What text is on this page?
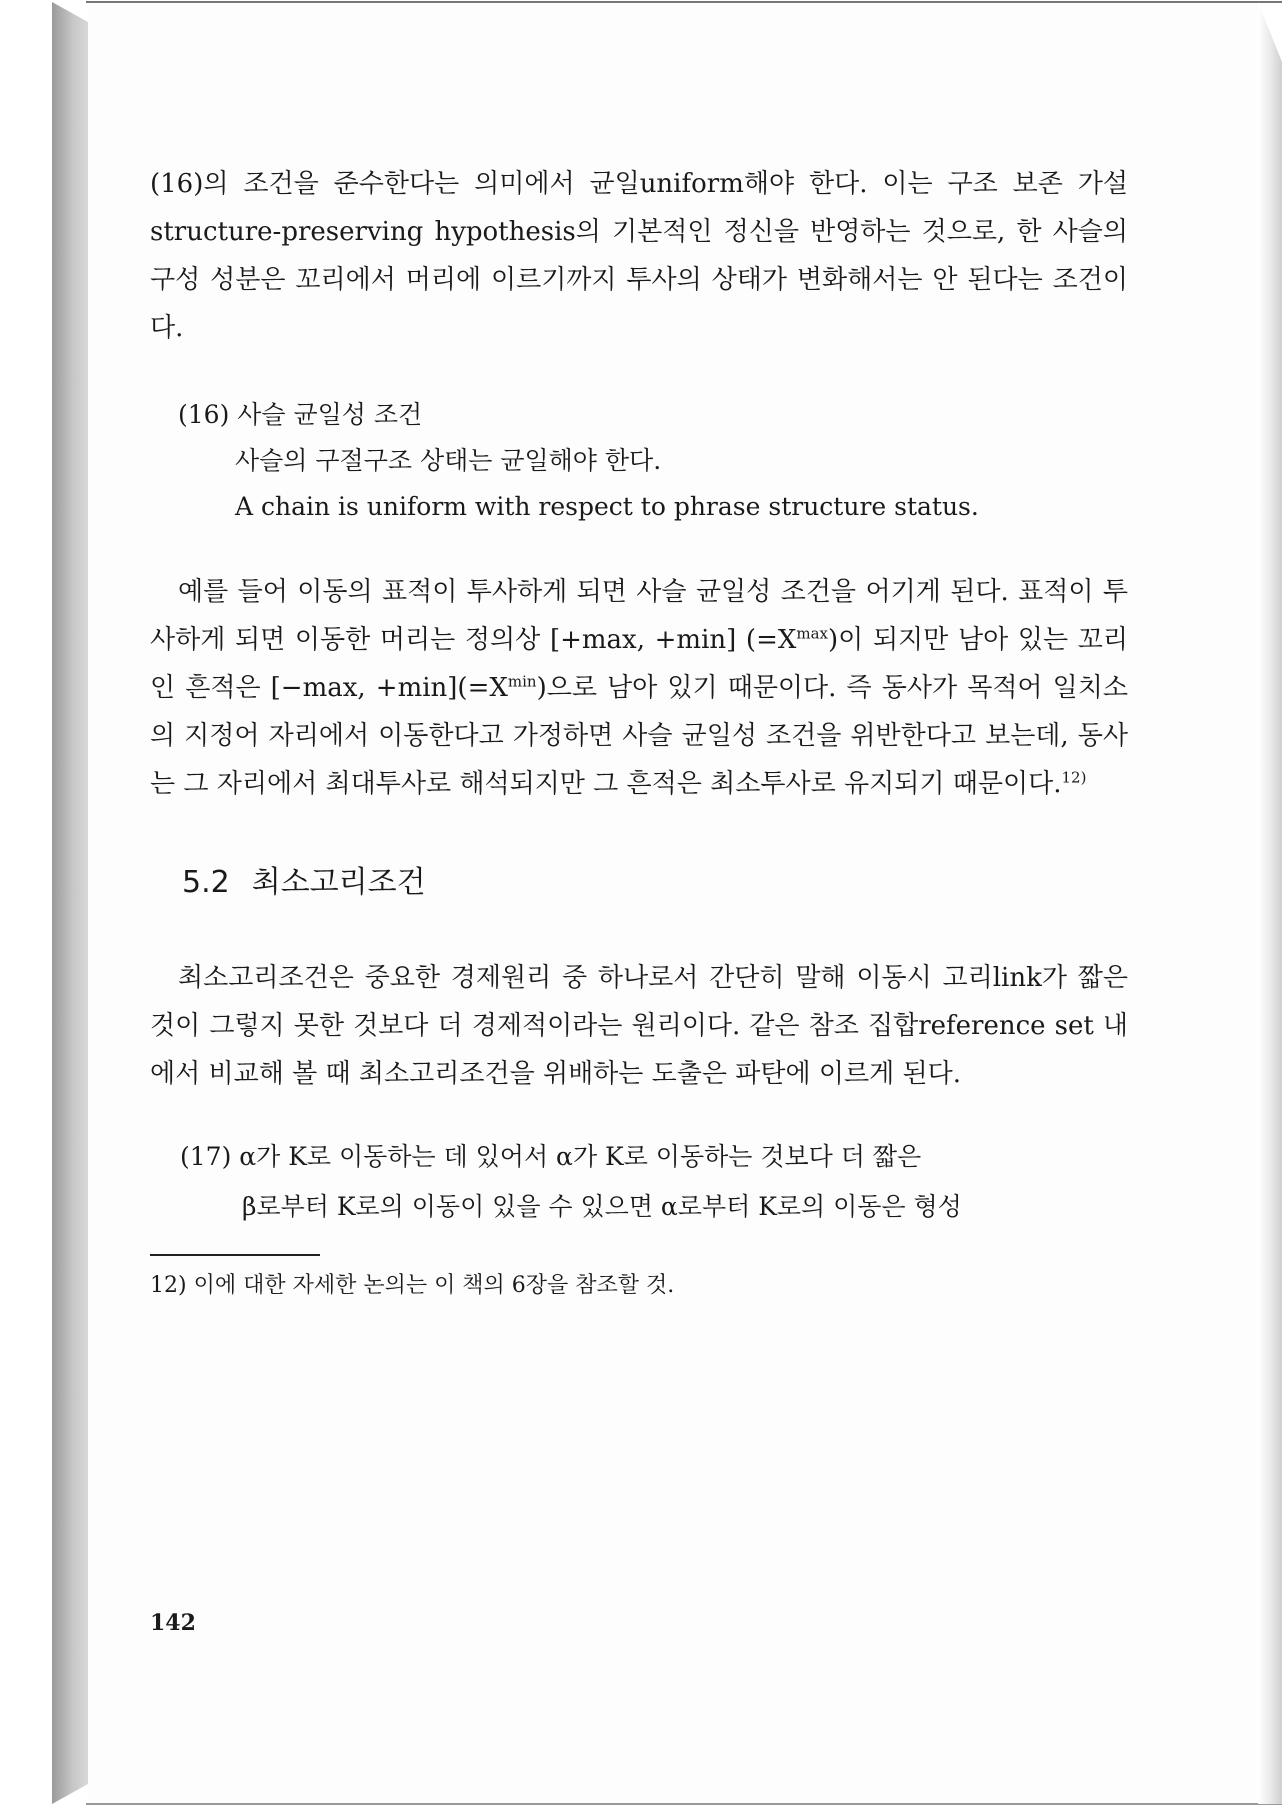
(16)의 조건을 준수한다는 의미에서 균일uniform해야 한다. 이는 구조 보존 가설structure-preserving hypothesis의 기본적인 정신을 반영하는 것으로, 한 사슬의 구성 성분은 꼬리에서 머리에 이르기까지 투사의 상태가 변화해서는 안 된다는 조건이다.

(16) 사슬 균일성 조건
사슬의 구절구조 상태는 균일해야 한다.
A chain is uniform with respect to phrase structure status.

예를 들어 이동의 표적이 투사하게 되면 사슬 균일성 조건을 어기게 된다. 표적이 투사하게 되면 이동한 머리는 정의상 [+max, +min] $(=X^{max})$이 되지만 남아 있는 꼬리인 흔적은 [−max, $+\min](=X^{min})$으로 남아 있기 때문이다. 즉 동사가 목적어 일치소의 지정어 자리에서 이동한다고 가정하면 사슬 균일성 조건을 위반한다고 보는데, 동사는 그 자리에서 최대투사로 해석되지만 그 흔적은 최소투사로 유지되기 때문이다.$^{12)}$

5.2 최소고리조건

최소고리조건은 중요한 경제원리 중 하나로서 간단히 말해 이동시 고리link가 짧은 것이 그렇지 못한 것보다 더 경제적이라는 원리이다. 같은 참조 집합reference set 내에서 비교해 볼 때 최소고리조건을 위배하는 도출은 파탄에 이르게 된다.

(17) α가 K로 이동하는 데 있어서 α가 K로 이동하는 것보다 더 짧은
β로부터 K로의 이동이 있을 수 있으면 α로부터 K로의 이동은 형성
12) 이에 대한 자세한 논의는 이 책의 6장을 참조할 것.
142
